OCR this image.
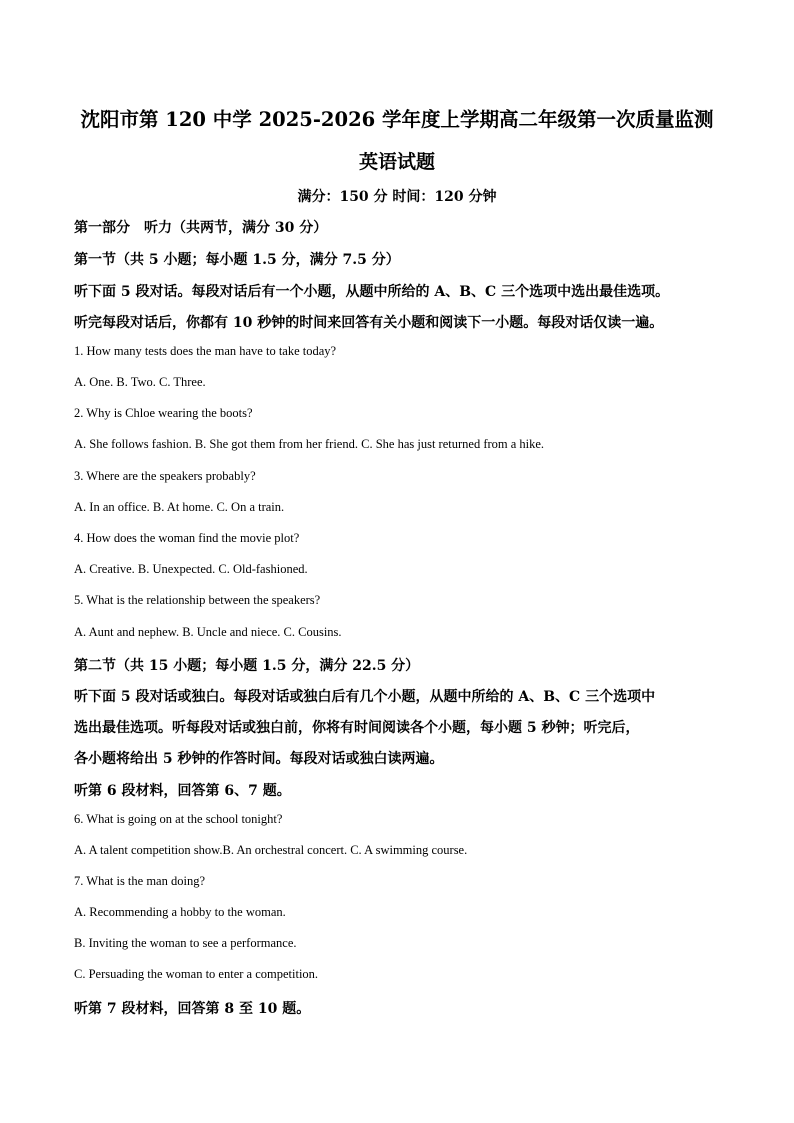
沈阳市第 120 中学 2025-2026 学年度上学期高二年级第一次质量监测
英语试题
满分：150 分 时间：120 分钟
第一部分　听力（共两节，满分 30 分）
第一节（共 5 小题；每小题 1.5 分，满分 7.5 分）
听下面 5 段对话。每段对话后有一个小题，从题中所给的 A、B、C 三个选项中选出最佳选项。
听完每段对话后，你都有 10 秒钟的时间来回答有关小题和阅读下一小题。每段对话仅读一遍。
1. How many tests does the man have to take today?
A. One. B. Two. C. Three.
2. Why is Chloe wearing the boots?
A. She follows fashion. B. She got them from her friend. C. She has just returned from a hike.
3. Where are the speakers probably?
A. In an office. B. At home. C. On a train.
4. How does the woman find the movie plot?
A. Creative. B. Unexpected. C. Old-fashioned.
5. What is the relationship between the speakers?
A. Aunt and nephew. B. Uncle and niece. C. Cousins.
第二节（共 15 小题；每小题 1.5 分，满分 22.5 分）
听下面 5 段对话或独白。每段对话或独白后有几个小题，从题中所给的 A、B、C 三个选项中
选出最佳选项。听每段对话或独白前，你将有时间阅读各个小题，每小题 5 秒钟；听完后，
各小题将给出 5 秒钟的作答时间。每段对话或独白读两遍。
听第 6 段材料，回答第 6、7 题。
6. What is going on at the school tonight?
A. A talent competition show.B. An orchestral concert. C. A swimming course.
7. What is the man doing?
A. Recommending a hobby to the woman.
B. Inviting the woman to see a performance.
C. Persuading the woman to enter a competition.
听第 7 段材料，回答第 8 至 10 题。
